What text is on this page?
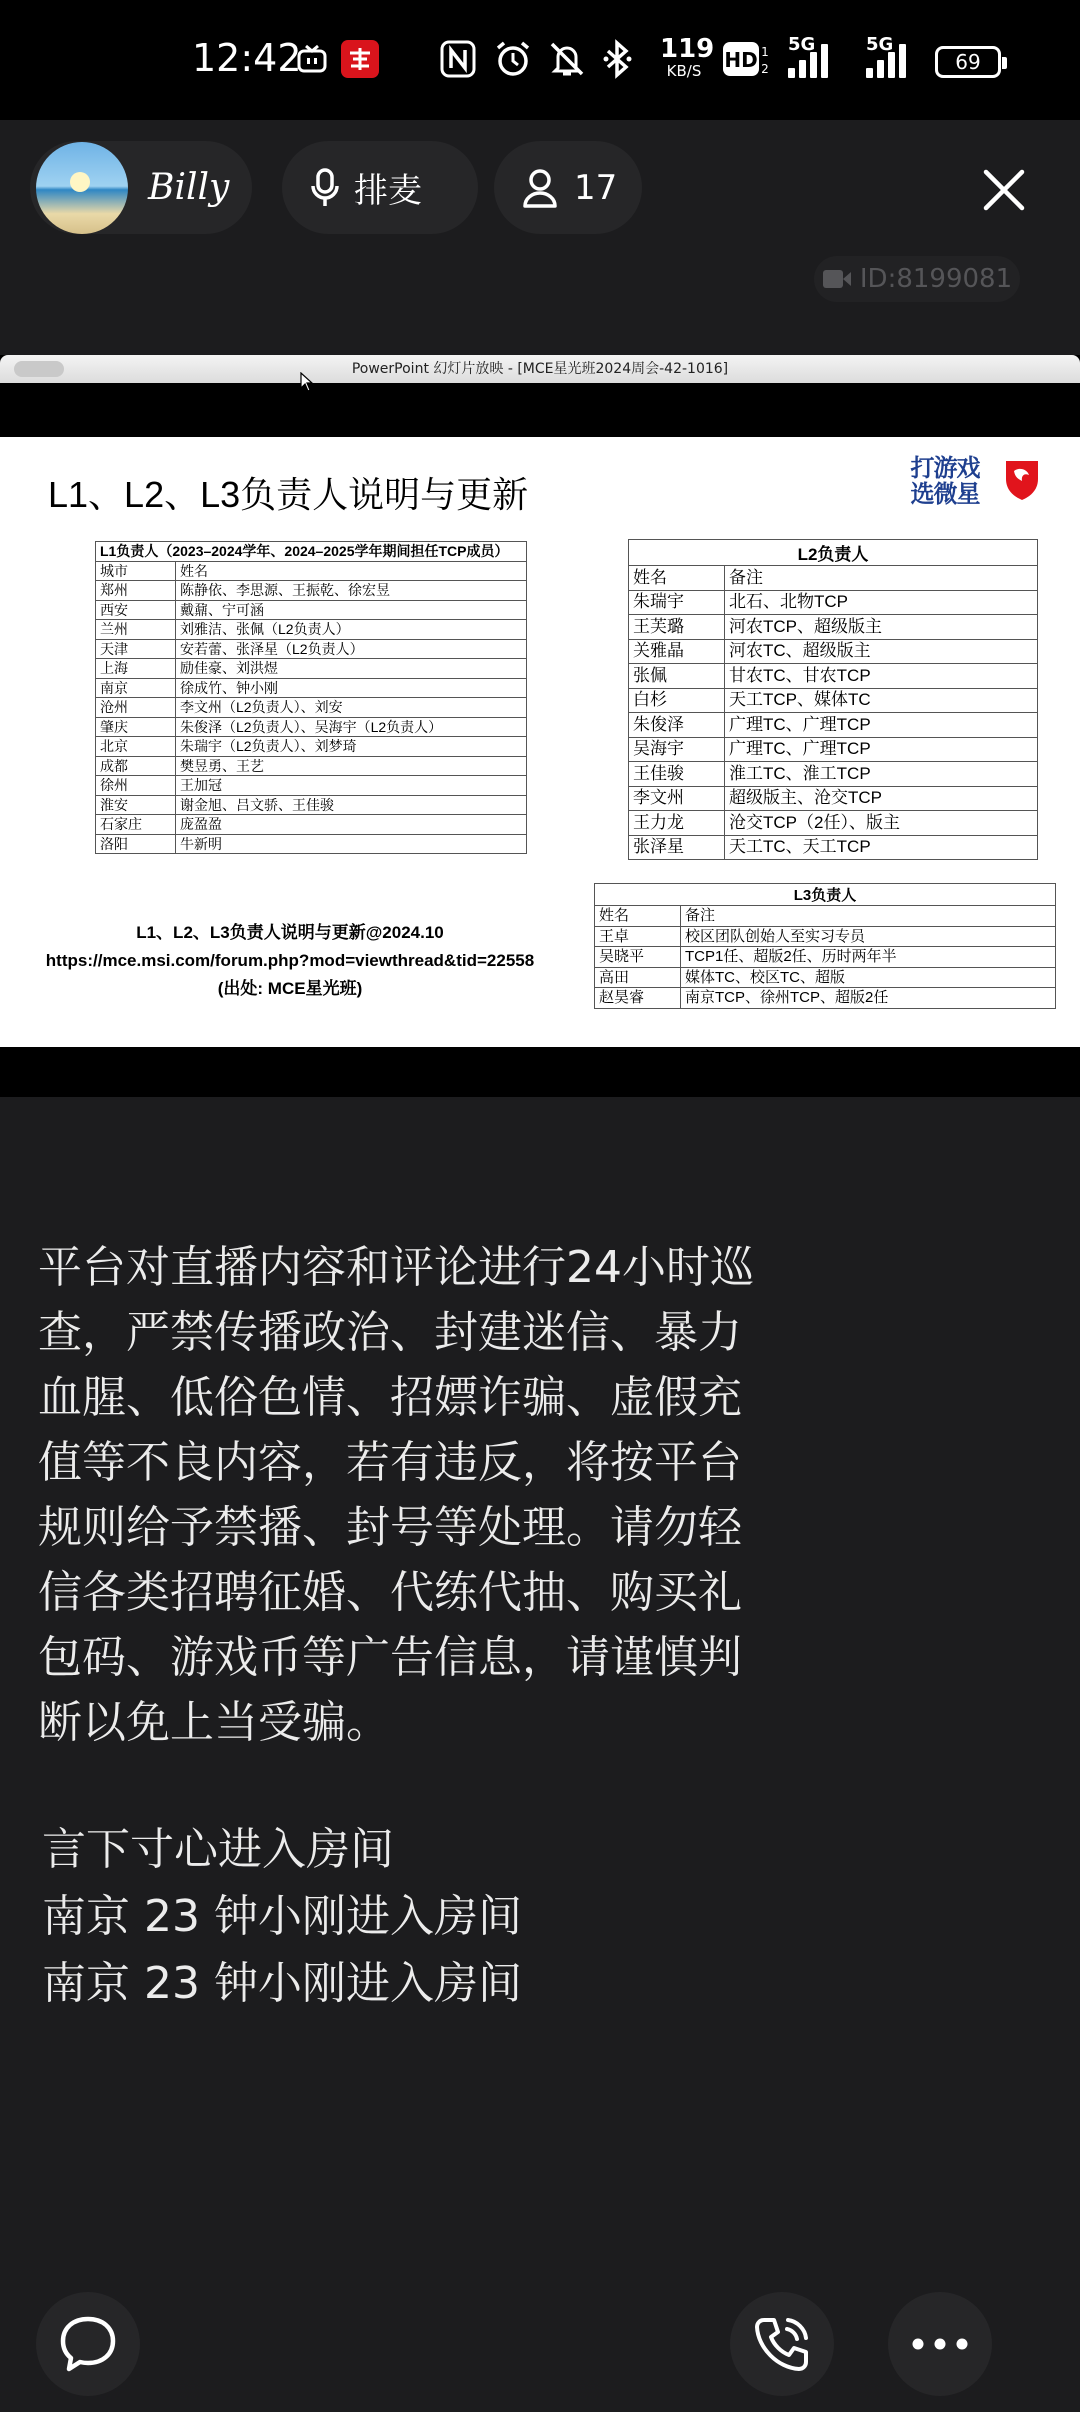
12:42	119
KB/S	HD 1
2
5G	5G
69
Billy	排麦	17
ID:8199081
PowerPoint 幻灯片放映 - [MCE星光班2024周会-42-1016]
L1、L2、L3负责人说明与更新
打游戏 选微星
L1负责人（2023–2024学年、2024–2025学年期间担任TCP成员）	
城市	姓名
郑州	陈静依、李思源、王振乾、徐宏昱
西安	戴鼐、宁可涵
兰州	刘雅洁、张佩（L2负责人）
天津	安若蕾、张泽星（L2负责人）
上海	励佳豪、刘洪煜
南京	徐成竹、钟小刚
沧州	李文州（L2负责人）、刘安
肇庆	朱俊泽（L2负责人）、吴海宇（L2负责人）
北京	朱瑞宇（L2负责人）、刘梦琦
成都	樊昱勇、王艺
徐州	王加冠
淮安	谢金旭、吕文骄、王佳骏
石家庄	庞盈盈
洛阳	牛新明
L2负责人	
姓名	备注
朱瑞宇	北石、北物TCP
王芙璐	河农TCP、超级版主
关雅晶	河农TC、超级版主
张佩	甘农TC、甘农TCP
白杉	天工TCP、媒体TC
朱俊泽	广理TC、广理TCP
吴海宇	广理TC、广理TCP
王佳骏	淮工TC、淮工TCP
李文州	超级版主、沧交TCP
王力龙	沧交TCP（2任）、版主
张泽星	天工TC、天工TCP
L3负责人	
姓名	备注
王卓	校区团队创始人至实习专员
吴晓平	TCP1任、超版2任、历时两年半
高田	媒体TC、校区TC、超版
赵昊睿	南京TCP、徐州TCP、超版2任
L1、L2、L3负责人说明与更新@2024.10
https://mce.msi.com/forum.php?mod=viewthread&tid=22558
(出处: MCE星光班)
平台对直播内容和评论进行24小时巡查，严禁传播政治、封建迷信、暴力血腥、低俗色情、招嫖诈骗、虚假充值等不良内容，若有违反，将按平台规则给予禁播、封号等处理。请勿轻信各类招聘征婚、代练代抽、购买礼包码、游戏币等广告信息，请谨慎判断以免上当受骗。
言下寸心进入房间
南京 23 钟小刚进入房间
南京 23 钟小刚进入房间
